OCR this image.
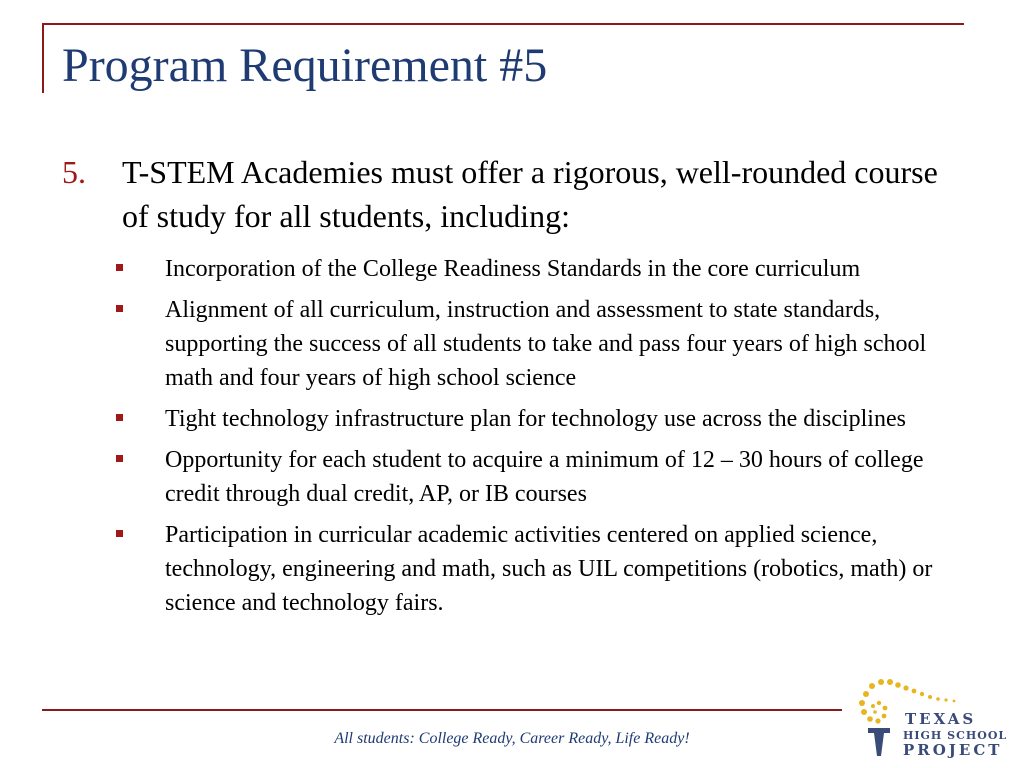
Program Requirement #5
5. T-STEM Academies must offer a rigorous, well-rounded course of study for all students, including:
Incorporation of the College Readiness Standards in the core curriculum
Alignment of all curriculum, instruction and assessment to state standards, supporting the success of all students to take and pass four years of high school math and four years of high school science
Tight technology infrastructure plan for technology use across the disciplines
Opportunity for each student to acquire a minimum of 12 – 30 hours of college credit through dual credit, AP, or IB courses
Participation in curricular academic activities centered on applied science, technology, engineering and math, such as UIL competitions (robotics, math) or science and technology fairs.
All students: College Ready, Career Ready, Life Ready!
TEXAS
HIGH SCHOOL
PROJECT
